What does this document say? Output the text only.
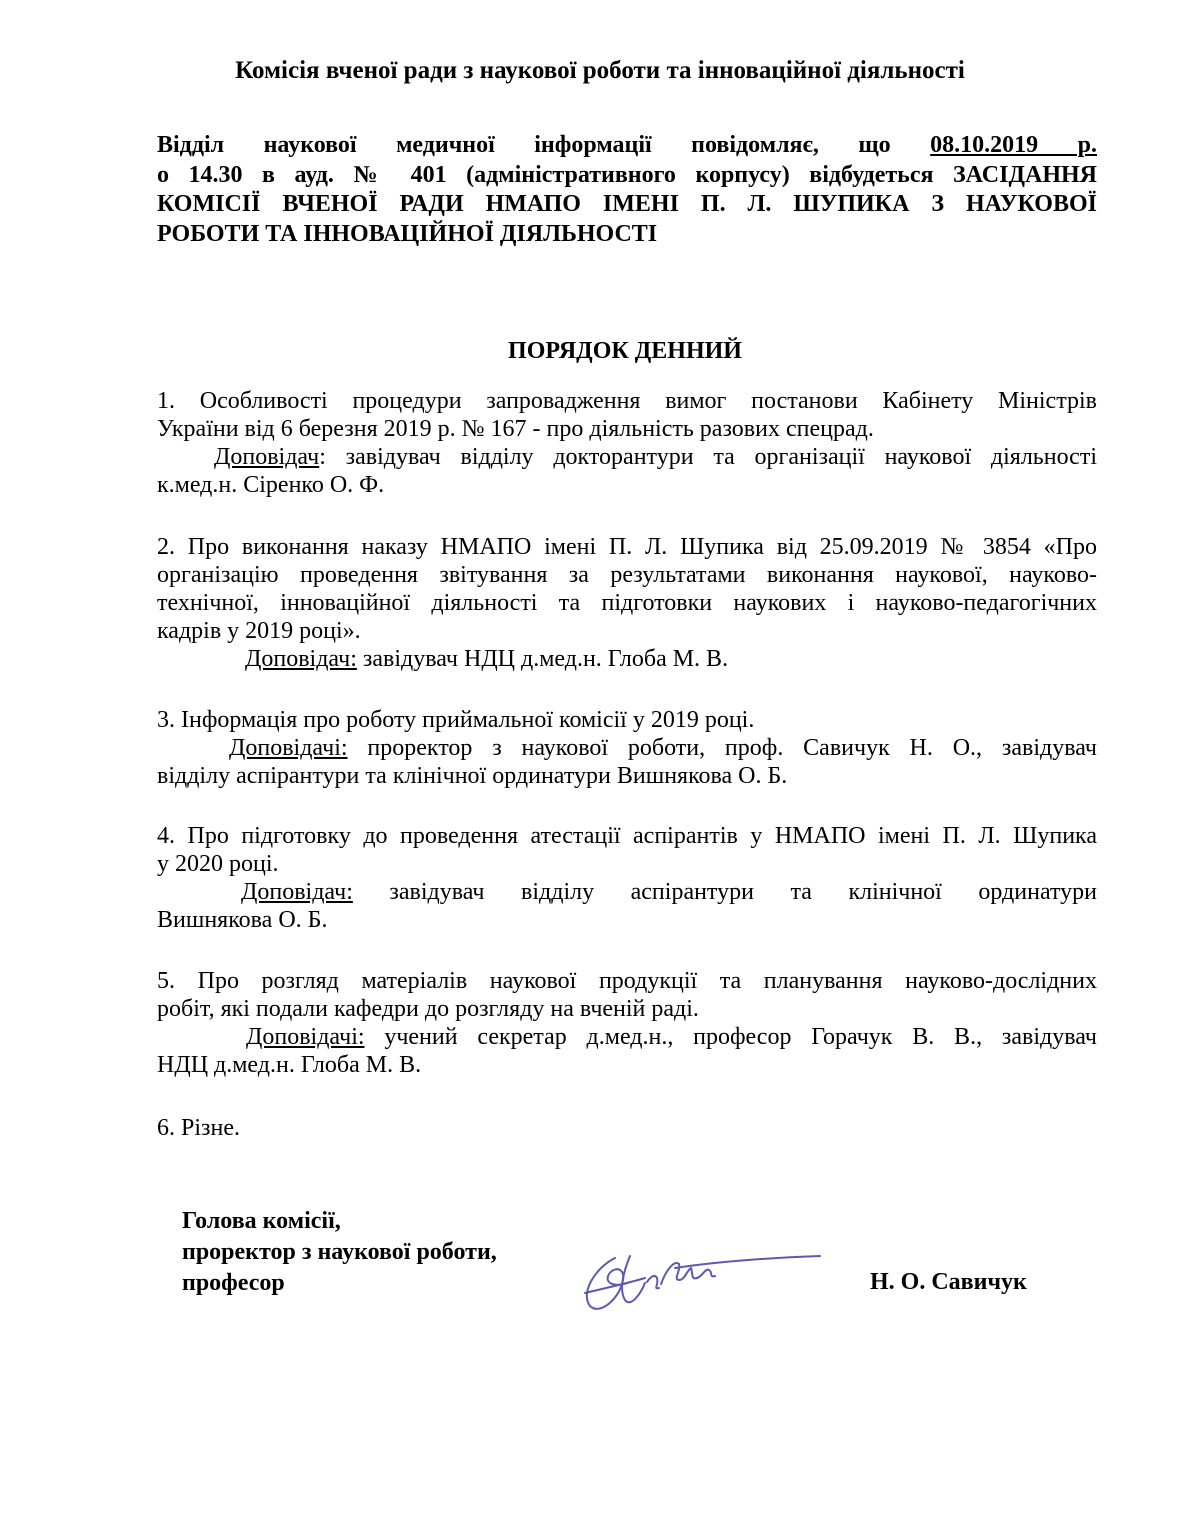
Комісія вченої ради з наукової роботи та інноваційної діяльності
Відділ наукової медичної інформації повідомляє, що 08.10.2019 р.
о 14.30 в ауд. № 401 (адміністративного корпусу) відбудеться ЗАСІДАННЯ
КОМІСІЇ ВЧЕНОЇ РАДИ НМАПО ІМЕНІ П. Л. ШУПИКА З НАУКОВОЇ
РОБОТИ ТА ІННОВАЦІЙНОЇ ДІЯЛЬНОСТІ
ПОРЯДОК ДЕННИЙ
1. Особливості процедури запровадження вимог постанови Кабінету Міністрів
України від 6 березня 2019 р. № 167 - про діяльність разових спецрад.
Доповідач: завідувач відділу докторантури та організації наукової діяльності
к.мед.н. Сіренко О. Ф.
2. Про виконання наказу НМАПО імені П. Л. Шупика від 25.09.2019 № 3854 «Про
організацію проведення звітування за результатами виконання наукової, науково-
технічної, інноваційної діяльності та підготовки наукових і науково-педагогічних
кадрів у 2019 році».
Доповідач: завідувач НДЦ д.мед.н. Глоба М. В.
3. Інформація про роботу приймальної комісії у 2019 році.
Доповідачі: проректор з наукової роботи, проф. Савичук Н. О., завідувач
відділу аспірантури та клінічної ординатури Вишнякова О. Б.
4. Про підготовку до проведення атестації аспірантів у НМАПО імені П. Л. Шупика
у 2020 році.
Доповідач: завідувач відділу аспірантури та клінічної ординатури
Вишнякова О. Б.
5. Про розгляд матеріалів наукової продукції та планування науково-дослідних
робіт, які подали кафедри до розгляду на вченій раді.
Доповідачі: учений секретар д.мед.н., професор Горачук В. В., завідувач
НДЦ д.мед.н. Глоба М. В.
6. Різне.
Голова комісії,
проректор з наукової роботи,
професор	Н. О. Савичук
